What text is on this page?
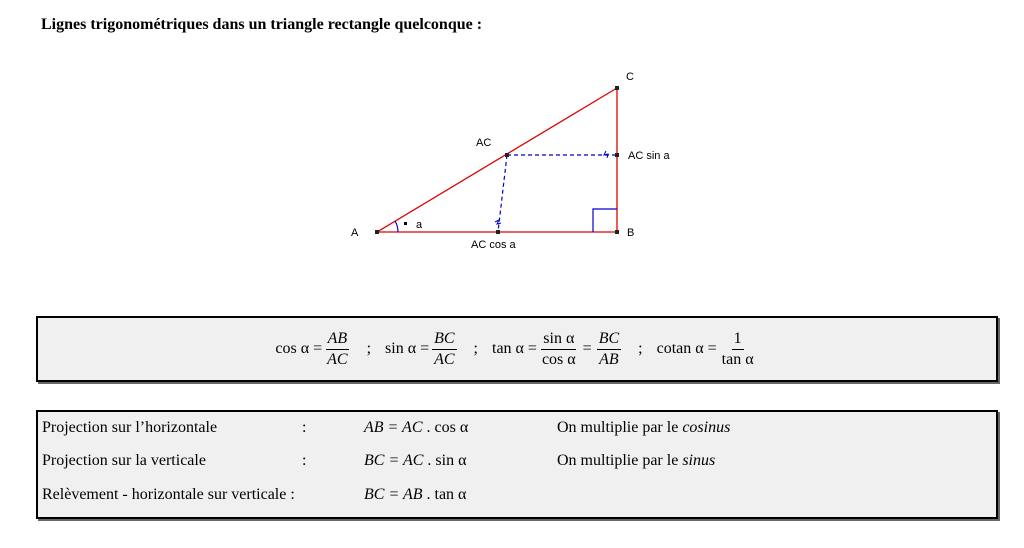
Lignes trigonométriques dans un triangle rectangle quelconque :
A	B
C
a
AC
AC cos a
AC sin a
$\cos \alpha = \frac{AB}{AC}$ ; $\sin \alpha = \frac{BC}{AC}$ ; $\tan \alpha = \frac{\text{sin α}}{\text{cos α}} = \frac{BC}{AB}$ ; cotan $\alpha = \frac{1}{\text{tan α}}$
Projection sur l’horizontale	:	AB = AC . cos α	On multiplie par le cosinus
Projection sur la verticale	:	BC = AC . sin α	On multiplie par le sinus
Relèvement - horizontale sur verticale :	BC = AB . tan α
